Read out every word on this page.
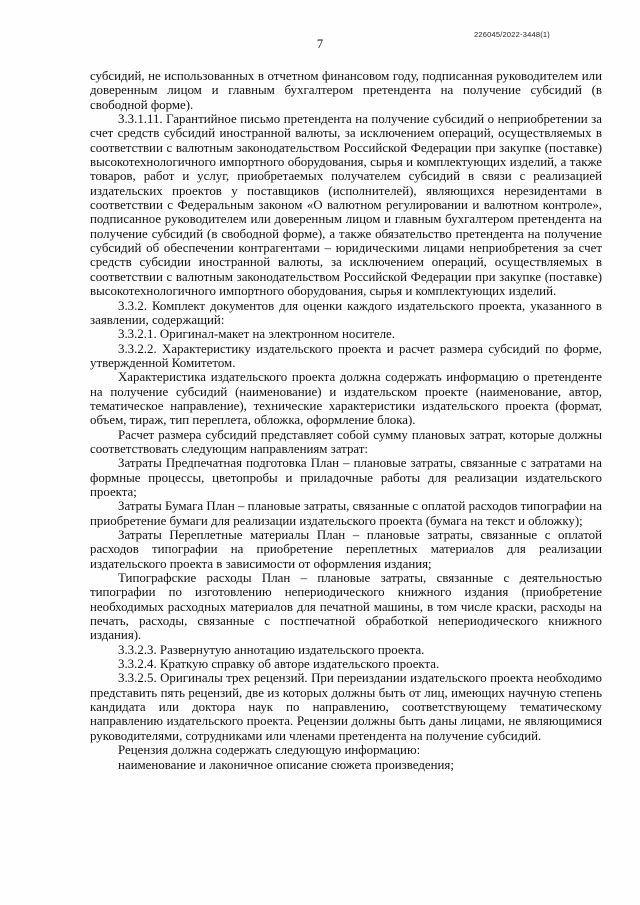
226045/2022-3448(1)
7

субсидий, не использованных в отчетном финансовом году, подписанная руководителем или доверенным лицом и главным бухгалтером претендента на получение субсидий (в свободной форме).

3.3.1.11. Гарантийное письмо претендента на получение субсидий о неприобретении за счет средств субсидий иностранной валюты, за исключением операций, осуществляемых в соответствии с валютным законодательством Российской Федерации при закупке (поставке) высокотехнологичного импортного оборудования, сырья и комплектующих изделий, а также товаров, работ и услуг, приобретаемых получателем субсидий в связи с реализацией издательских проектов у поставщиков (исполнителей), являющихся нерезидентами в соответствии с Федеральным законом «О валютном регулировании и валютном контроле», подписанное руководителем или доверенным лицом и главным бухгалтером претендента на получение субсидий (в свободной форме), а также обязательство претендента на получение субсидий об обеспечении контрагентами – юридическими лицами неприобретения за счет средств субсидии иностранной валюты, за исключением операций, осуществляемых в соответствии с валютным законодательством Российской Федерации при закупке (поставке) высокотехнологичного импортного оборудования, сырья и комплектующих изделий.

3.3.2. Комплект документов для оценки каждого издательского проекта, указанного в заявлении, содержащий:

3.3.2.1. Оригинал-макет на электронном носителе.

3.3.2.2. Характеристику издательского проекта и расчет размера субсидий по форме, утвержденной Комитетом.

Характеристика издательского проекта должна содержать информацию о претенденте на получение субсидий (наименование) и издательском проекте (наименование, автор, тематическое направление), технические характеристики издательского проекта (формат, объем, тираж, тип переплета, обложка, оформление блока).

Расчет размера субсидий представляет собой сумму плановых затрат, которые должны соответствовать следующим направлениям затрат:

Затраты Предпечатная подготовка План – плановые затраты, связанные с затратами на формные процессы, цветопробы и приладочные работы для реализации издательского проекта;

Затраты Бумага План – плановые затраты, связанные с оплатой расходов типографии на приобретение бумаги для реализации издательского проекта (бумага на текст и обложку);

Затраты Переплетные материалы План – плановые затраты, связанные с оплатой расходов типографии на приобретение переплетных материалов для реализации издательского проекта в зависимости от оформления издания;

Типографские расходы План – плановые затраты, связанные с деятельностью типографии по изготовлению непериодического книжного издания (приобретение необходимых расходных материалов для печатной машины, в том числе краски, расходы на печать, расходы, связанные с постпечатной обработкой непериодического книжного издания).

3.3.2.3. Развернутую аннотацию издательского проекта.

3.3.2.4. Краткую справку об авторе издательского проекта.

3.3.2.5. Оригиналы трех рецензий. При переиздании издательского проекта необходимо представить пять рецензий, две из которых должны быть от лиц, имеющих научную степень кандидата или доктора наук по направлению, соответствующему тематическому направлению издательского проекта. Рецензии должны быть даны лицами, не являющимися руководителями, сотрудниками или членами претендента на получение субсидий.

Рецензия должна содержать следующую информацию:

наименование и лаконичное описание сюжета произведения;
